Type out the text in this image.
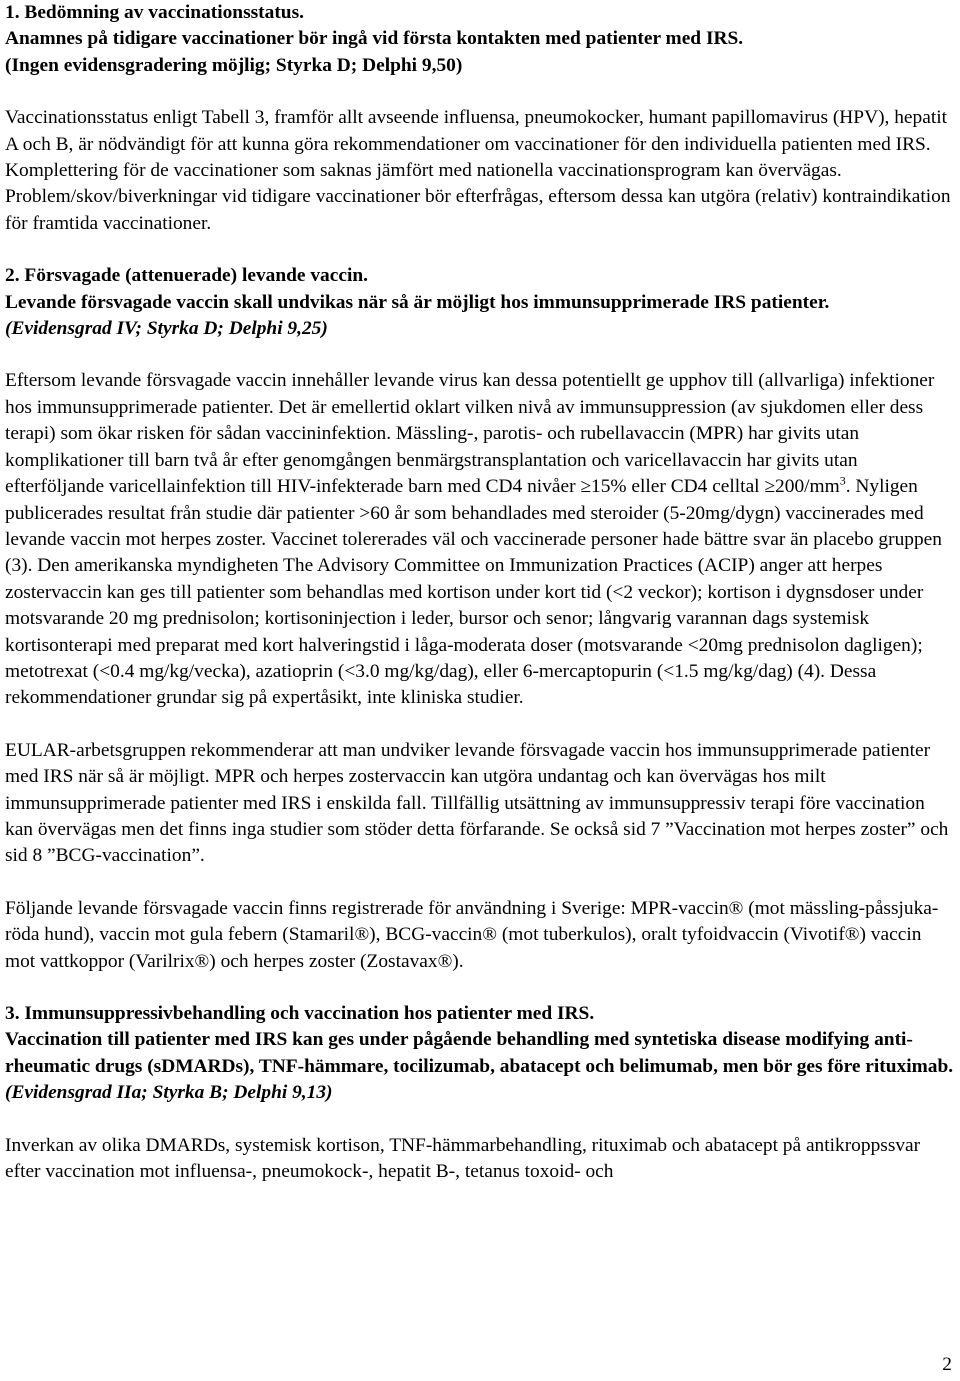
1. Bedömning av vaccinationsstatus.

Anamnes på tidigare vaccinationer bör ingå vid första kontakten med patienter med IRS.

(Ingen evidensgradering möjlig; Styrka D; Delphi 9,50)

Vaccinationsstatus enligt Tabell 3, framför allt avseende influensa, pneumokocker, humant papillomavirus (HPV), hepatit A och B, är nödvändigt för att kunna göra rekommendationer om vaccinationer för den individuella patienten med IRS. Komplettering för de vaccinationer som saknas jämfört med nationella vaccinationsprogram kan övervägas. Problem/skov/biverkningar vid tidigare vaccinationer bör efterfrågas, eftersom dessa kan utgöra (relativ) kontraindikation för framtida vaccinationer.

2. Försvagade (attenuerade) levande vaccin.

Levande försvagade vaccin skall undvikas när så är möjligt hos immunsupprimerade IRS patienter.

(Evidensgrad IV; Styrka D; Delphi 9,25)

Eftersom levande försvagade vaccin innehåller levande virus kan dessa potentiellt ge upphov till (allvarliga) infektioner hos immunsupprimerade patienter. Det är emellertid oklart vilken nivå av immunsuppression (av sjukdomen eller dess terapi) som ökar risken för sådan vaccininfektion. Mässling-, parotis- och rubellavaccin (MPR) har givits utan komplikationer till barn två år efter genomgången benmärgstransplantation och varicellavaccin har givits utan efterföljande varicellainfektion till HIV-infekterade barn med CD4 nivåer ≥15% eller CD4 celltal $\ge 200/mm^3$. Nyligen publicerades resultat från studie där patienter >60 år som behandlades med steroider (5-20mg/dygn) vaccinerades med levande vaccin mot herpes zoster. Vaccinet tolererades väl och vaccinerade personer hade bättre svar än placebo gruppen (3). Den amerikanska myndigheten The Advisory Committee on Immunization Practices (ACIP) anger att herpes zostervaccin kan ges till patienter som behandlas med kortison under kort tid (<2 veckor); kortison i dygnsdoser under motsvarande 20 mg prednisolon; kortisoninjection i leder, bursor och senor; långvarig varannan dags systemisk kortisonterapi med preparat med kort halveringstid i låga-moderata doser (motsvarande <20mg prednisolon dagligen); metotrexat (<0.4 mg/kg/vecka), azatioprin (<3.0 mg/kg/dag), eller 6-mercaptopurin (<1.5 mg/kg/dag) (4). Dessa rekommendationer grundar sig på expertåsikt, inte kliniska studier.

EULAR-arbetsgruppen rekommenderar att man undviker levande försvagade vaccin hos immunsupprimerade patienter med IRS när så är möjligt. MPR och herpes zostervaccin kan utgöra undantag och kan övervägas hos milt immunsupprimerade patienter med IRS i enskilda fall. Tillfällig utsättning av immunsuppressiv terapi före vaccination kan övervägas men det finns inga studier som stöder detta förfarande. Se också sid 7 ”Vaccination mot herpes zoster” och sid 8 ”BCG-vaccination”.

Följande levande försvagade vaccin finns registrerade för användning i Sverige: MPR-vaccin® (mot mässling-påssjuka-röda hund), vaccin mot gula febern (Stamaril®), BCG-vaccin® (mot tuberkulos), oralt tyfoidvaccin (Vivotif®) vaccin mot vattkoppor (Varilrix®) och herpes zoster (Zostavax®).

3. Immunsuppressivbehandling och vaccination hos patienter med IRS.

Vaccination till patienter med IRS kan ges under pågående behandling med syntetiska disease modifying anti-rheumatic drugs (sDMARDs), TNF-hämmare, tocilizumab, abatacept och belimumab, men bör ges före rituximab. (Evidensgrad IIa; Styrka B; Delphi 9,13)

Inverkan av olika DMARDs, systemisk kortison, TNF-hämmarbehandling, rituximab och abatacept på antikroppssvar efter vaccination mot influensa-, pneumokock-, hepatit B-, tetanus toxoid- och

2
